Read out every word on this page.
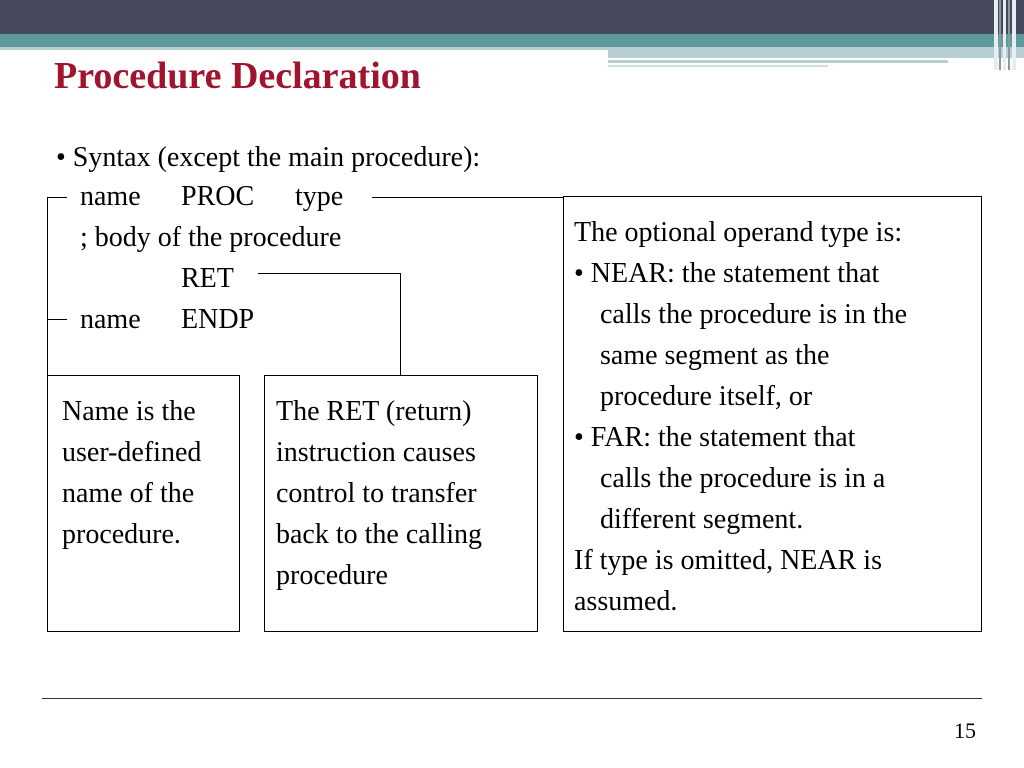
Procedure Declaration
• Syntax (except the main procedure):
name PROC type
; body of the procedure
RET
name ENDP
Name is the
user-defined
name of the
procedure.
The RET (return)
instruction causes
control to transfer
back to the calling
procedure
The optional operand type is:
• NEAR: the statement that
calls the procedure is in the
same segment as the
procedure itself, or
• FAR: the statement that
calls the procedure is in a
different segment.
If type is omitted, NEAR is
assumed.
15
